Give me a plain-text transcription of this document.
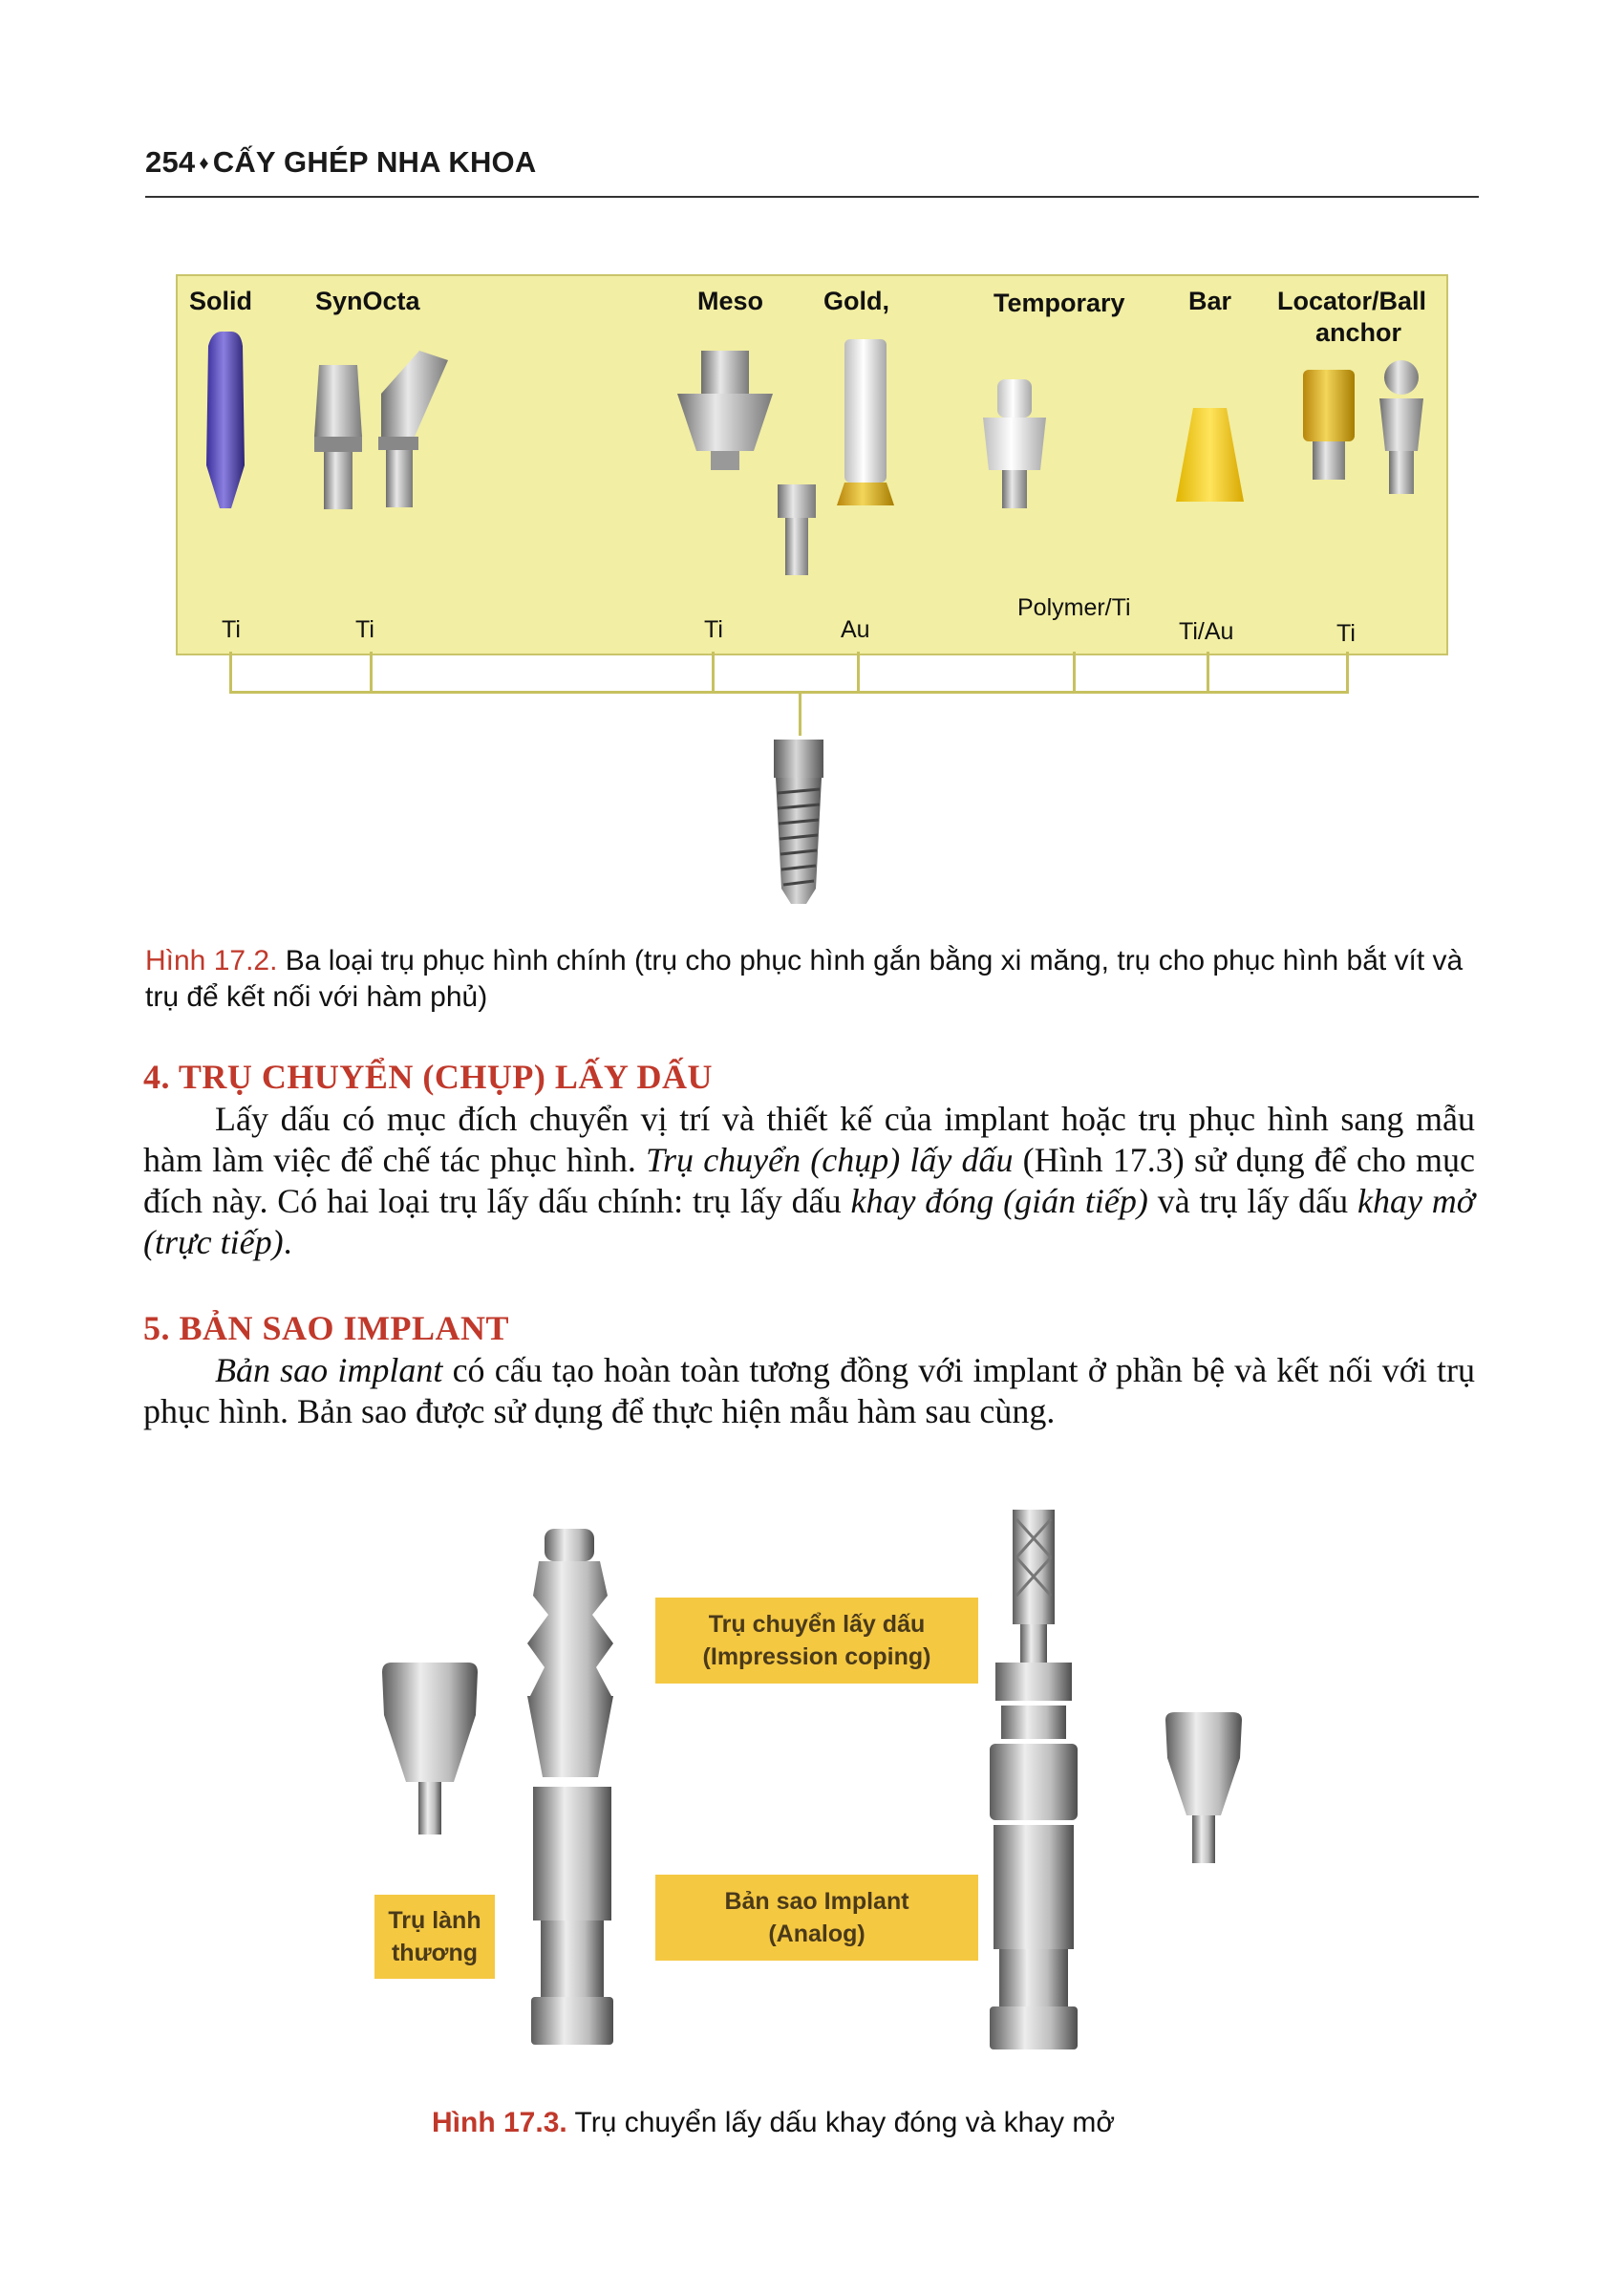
254 ♦ CẤY GHÉP NHA KHOA
Solid SynOcta	Meso Gold,	Temporary Bar Locator/Ball
anchor
Ti	Ti	Ti	Au
Polymer/Ti
Ti/Au	Ti
Hình 17.2. Ba loại trụ phục hình chính (trụ cho phục hình gắn bằng xi măng, trụ cho phục hình bắt vít và trụ để kết nối với hàm phủ)
4. TRỤ CHUYỂN (CHỤP) LẤY DẤU
Lấy dấu có mục đích chuyển vị trí và thiết kế của implant hoặc trụ phục hình sang mẫu hàm làm việc để chế tác phục hình. Trụ chuyển (chụp) lấy dấu (Hình 17.3) sử dụng để cho mục đích này. Có hai loại trụ lấy dấu chính: trụ lấy dấu khay đóng (gián tiếp) và trụ lấy dấu khay mở (trực tiếp).
5. BẢN SAO IMPLANT
Bản sao implant có cấu tạo hoàn toàn tương đồng với implant ở phần bệ và kết nối với trụ phục hình. Bản sao được sử dụng để thực hiện mẫu hàm sau cùng.
Trụ chuyển lấy dấu
(Impression coping)
Bản sao Implant
(Analog)
Trụ lành
thương
Hình 17.3. Trụ chuyển lấy dấu khay đóng và khay mở
